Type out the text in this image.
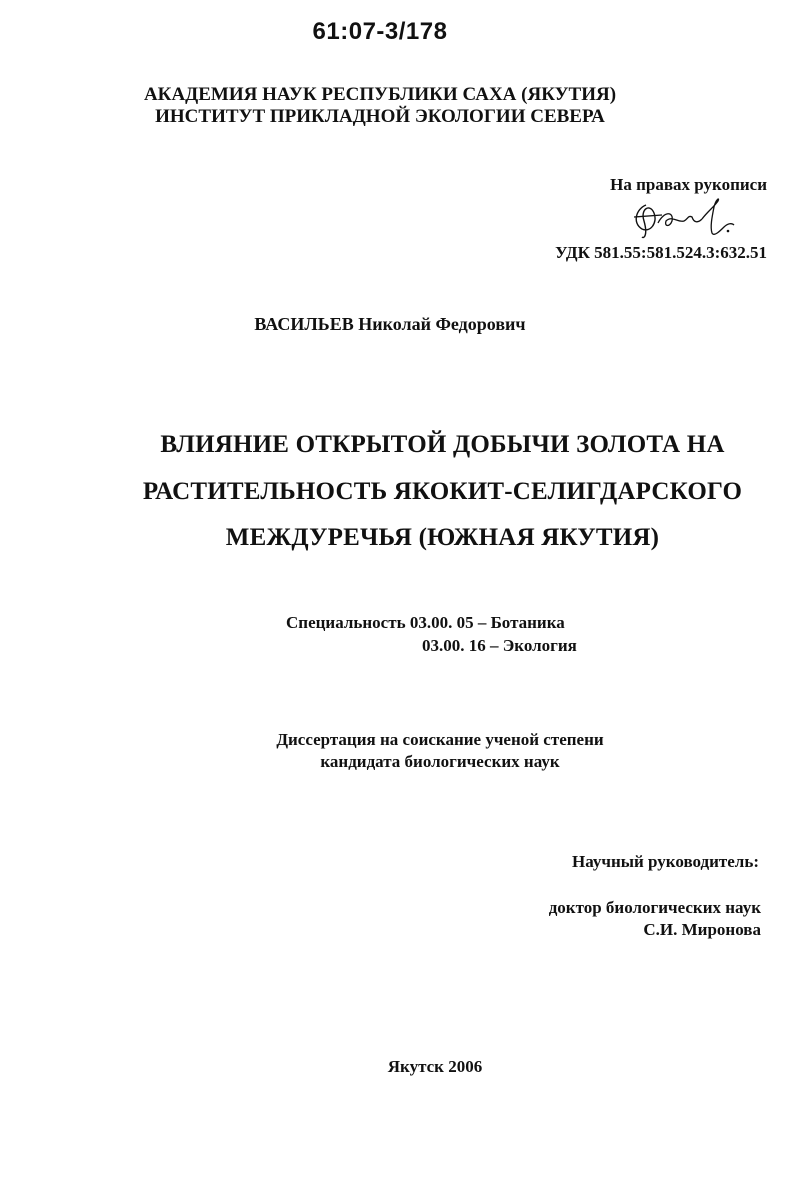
61:07-3/178
АКАДЕМИЯ НАУК РЕСПУБЛИКИ САХА (ЯКУТИЯ)
ИНСТИТУТ ПРИКЛАДНОЙ ЭКОЛОГИИ СЕВЕРА
На правах рукописи
УДК 581.55:581.524.3:632.51
ВАСИЛЬЕВ Николай Федорович
ВЛИЯНИЕ ОТКРЫТОЙ ДОБЫЧИ ЗОЛОТА НА
РАСТИТЕЛЬНОСТЬ ЯКОКИТ-СЕЛИГДАРСКОГО
МЕЖДУРЕЧЬЯ (ЮЖНАЯ ЯКУТИЯ)
Специальность 03.00. 05 – Ботаника
03.00. 16 – Экология
Диссертация на соискание ученой степени
кандидата биологических наук
Научный руководитель:
доктор биологических наук
С.И. Миронова
Якутск 2006
